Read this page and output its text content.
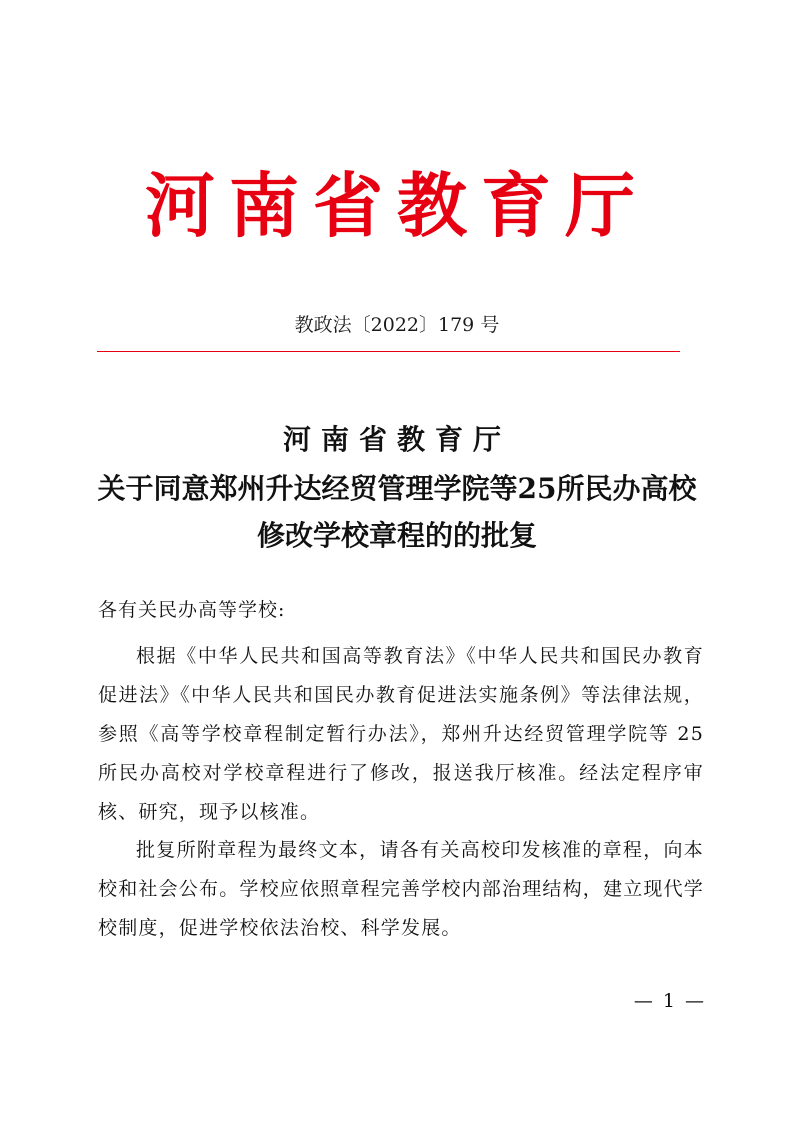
河南省教育厅
教政法〔2022〕179 号
河南省教育厅
关于同意郑州升达经贸管理学院等25所民办高校
修改学校章程的的批复
各有关民办高等学校:
根据《中华人民共和国高等教育法》《中华人民共和国民办教育促进法》《中华人民共和国民办教育促进法实施条例》等法律法规，参照《高等学校章程制定暂行办法》，郑州升达经贸管理学院等 25 所民办高校对学校章程进行了修改，报送我厅核准。经法定程序审核、研究，现予以核准。
批复所附章程为最终文本，请各有关高校印发核准的章程，向本校和社会公布。学校应依照章程完善学校内部治理结构，建立现代学校制度，促进学校依法治校、科学发展。
— 1 —
